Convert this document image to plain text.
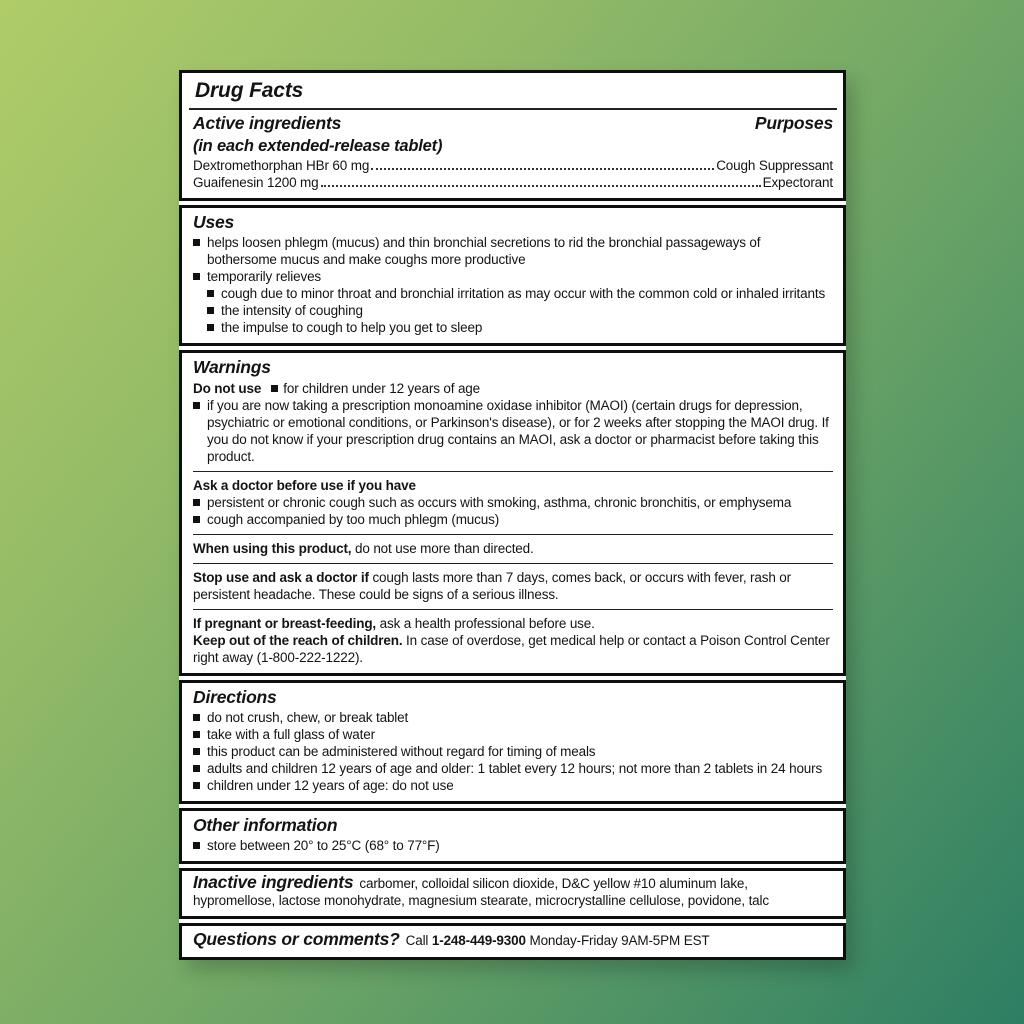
Drug Facts
Active ingredients	Purposes
(in each extended-release tablet)
Dextromethorphan HBr 60 mg	Cough Suppressant
Guaifenesin 1200 mg	Expectorant
Uses
helps loosen phlegm (mucus) and thin bronchial secretions to rid the bronchial passageways of bothersome mucus and make coughs more productive
temporarily relieves
cough due to minor throat and bronchial irritation as may occur with the common cold or inhaled irritants
the intensity of coughing
the impulse to cough to help you get to sleep
Warnings
Do not use for children under 12 years of age
if you are now taking a prescription monoamine oxidase inhibitor (MAOI) (certain drugs for depression, psychiatric or emotional conditions, or Parkinson's disease), or for 2 weeks after stopping the MAOI drug. If you do not know if your prescription drug contains an MAOI, ask a doctor or pharmacist before taking this product.
Ask a doctor before use if you have
persistent or chronic cough such as occurs with smoking, asthma, chronic bronchitis, or emphysema
cough accompanied by too much phlegm (mucus)
When using this product, do not use more than directed.
Stop use and ask a doctor if cough lasts more than 7 days, comes back, or occurs with fever, rash or persistent headache. These could be signs of a serious illness.
If pregnant or breast-feeding, ask a health professional before use.
Keep out of the reach of children. In case of overdose, get medical help or contact a Poison Control Center right away (1-800-222-1222).
Directions
do not crush, chew, or break tablet
take with a full glass of water
this product can be administered without regard for timing of meals
adults and children 12 years of age and older: 1 tablet every 12 hours; not more than 2 tablets in 24 hours
children under 12 years of age: do not use
Other information
store between 20° to 25°C (68° to 77°F)
Inactive ingredients carbomer, colloidal silicon dioxide, D&C yellow #10 aluminum lake, hypromellose, lactose monohydrate, magnesium stearate, microcrystalline cellulose, povidone, talc
Questions or comments? Call 1-248-449-9300 Monday-Friday 9AM-5PM EST
